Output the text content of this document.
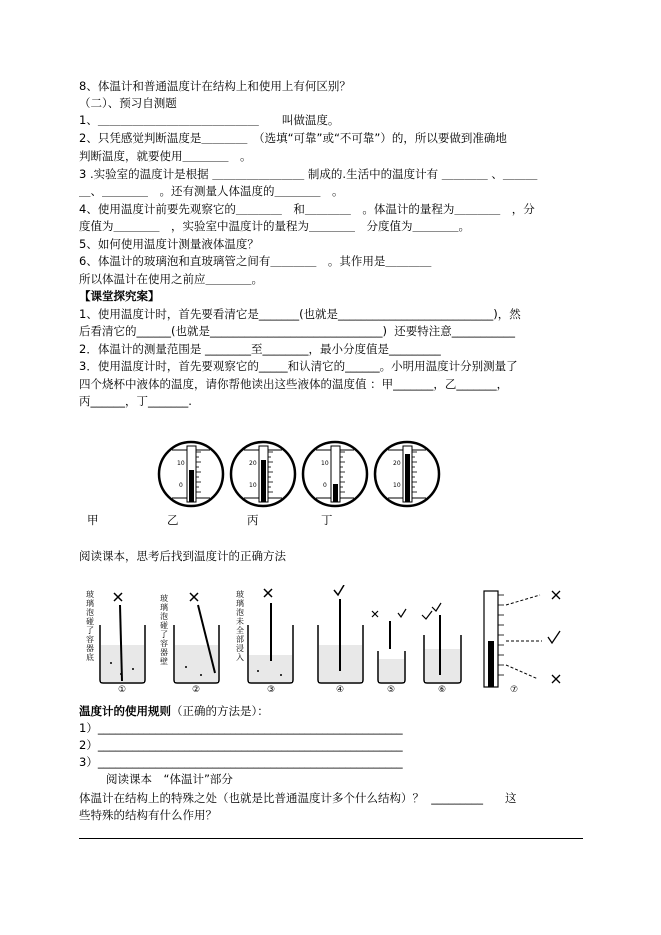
8、体温计和普通温度计在结构上和使用上有何区别？
（二）、预习自测题
1、＿＿＿＿＿＿＿＿＿＿＿＿＿＿　　叫做温度。
2、只凭感觉判断温度是＿＿＿＿　（选填“可靠”或“不可靠”）的，所以要做到准确地
判断温度，就要使用＿＿＿＿　。
3 .实验室的温度计是根据 ＿＿＿＿＿＿＿＿ 制成的.生活中的温度计有 ＿＿＿＿ 、＿＿＿
＿、＿＿＿＿　。还有测量人体温度的＿＿＿＿　。
4、使用温度计前要先观察它的＿＿＿＿　和＿＿＿＿　。体温计的量程为＿＿＿＿　，分
度值为＿＿＿＿　，实验室中温度计的量程为＿＿＿＿　分度值为＿＿＿＿。
5、如何使用温度计测量液体温度？
6、体温计的玻璃泡和直玻璃管之间有＿＿＿＿　。其作用是＿＿＿＿
所以体温计在使用之前应＿＿＿＿。
【课堂探究案】
1、使用温度计时，首先要看清它是_______(也就是___________________________)，然
后看清它的______(也就是______________________________)  还要特注意___________
2．体温计的测量范围是 ________至________，最小分度值是_________
3．使用温度计时，首先要观察它的_____和认清它的______。小明用温度计分别测量了
四个烧杯中液体的温度，请你帮他读出这些液体的温度值 ：甲_______，乙_______，
丙______，丁_______.
10
0
20
10
10
0
20
10
甲	乙	丙	丁
阅读课本，思考后找到温度计的正确方法
①	②	③	④	⑤	⑥	⑦
玻璃泡碰了容器底
玻璃泡碰了容器壁
玻璃泡未全部浸入
温度计的使用规则（正确的方法是）：
1）_____________________________________________________
2）_____________________________________________________
3）_____________________________________________________
阅读课本　“体温计”部分
体温计在结构上的特殊之处（也就是比普通温度计多个什么结构）？  _________      这
些特殊的结构有什么作用？
